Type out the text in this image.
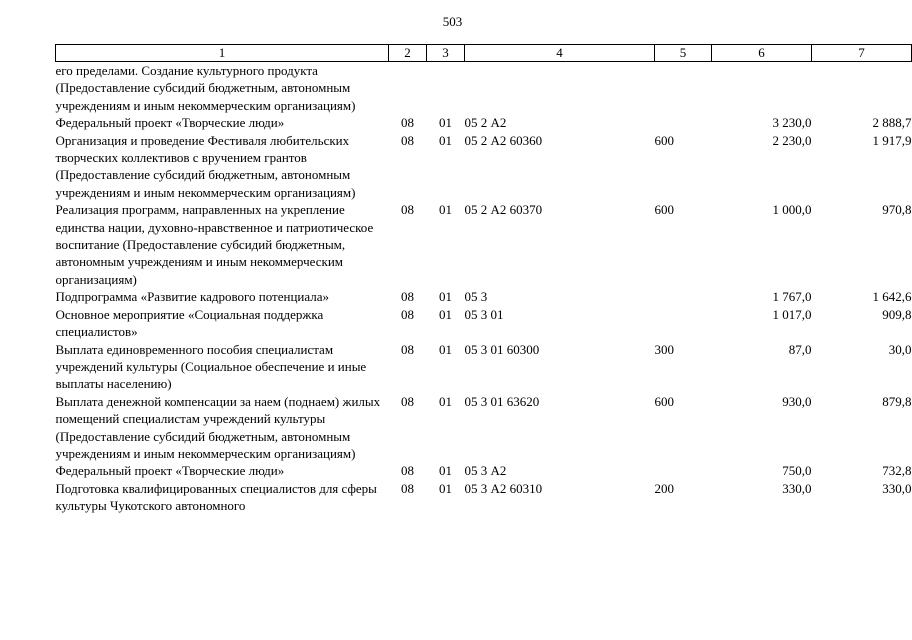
503
1	2	3	4	5	6	7
его пределами. Создание культурного продукта (Предоставление субсидий бюджетным, автономным учреждениям и иным некоммерческим организациям)						
Федеральный проект «Творческие люди»	08	01	05 2 А2		3 230,0	2 888,7
Организация и проведение Фестиваля любительских творческих коллективов с вручением грантов (Предоставление субсидий бюджетным, автономным учреждениям и иным некоммерческим организациям)	08	01	05 2 А2 60360	600	2 230,0	1 917,9
Реализация программ, направленных на укрепление единства нации, духовно-нравственное и патриотическое воспитание (Предоставление субсидий бюджетным, автономным учреждениям и иным некоммерческим организациям)	08	01	05 2 А2 60370	600	1 000,0	970,8
Подпрограмма «Развитие кадрового потенциала»	08	01	05 3		1 767,0	1 642,6
Основное мероприятие «Социальная поддержка специалистов»	08	01	05 3 01		1 017,0	909,8
Выплата единовременного пособия специалистам учреждений культуры (Социальное обеспечение и иные выплаты населению)	08	01	05 3 01 60300	300	87,0	30,0
Выплата денежной компенсации за наем (поднаем) жилых помещений специалистам учреждений культуры (Предоставление субсидий бюджетным, автономным учреждениям и иным некоммерческим организациям)	08	01	05 3 01 63620	600	930,0	879,8
Федеральный проект «Творческие люди»	08	01	05 3 А2		750,0	732,8
Подготовка квалифицированных специалистов для сферы культуры Чукотского автономного	08	01	05 3 А2 60310	200	330,0	330,0
